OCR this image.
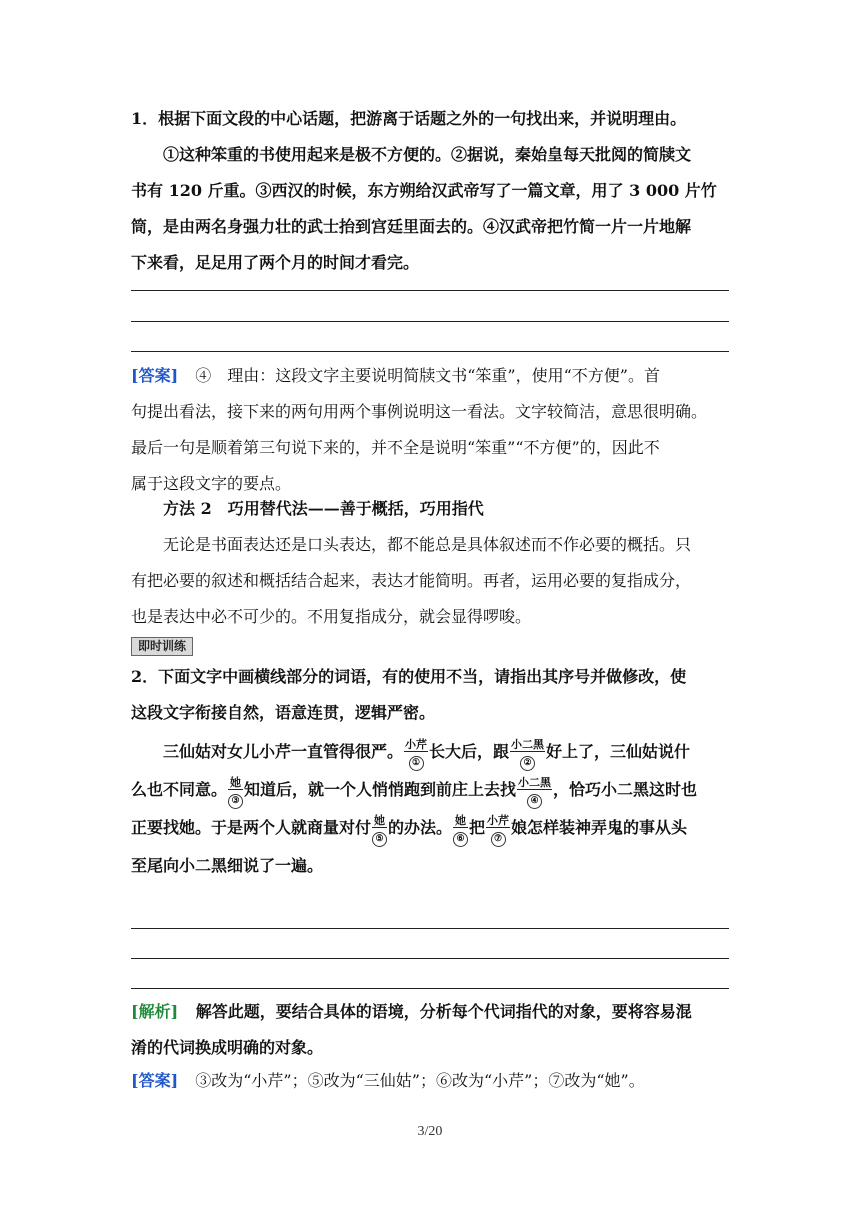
1．根据下面文段的中心话题，把游离于话题之外的一句找出来，并说明理由。
①这种笨重的书使用起来是极不方便的。②据说，秦始皇每天批阅的简牍文
书有 120 斤重。③西汉的时候，东方朔给汉武帝写了一篇文章，用了 3 000 片竹
筒，是由两名身强力壮的武士抬到宫廷里面去的。④汉武帝把竹简一片一片地解
下来看，足足用了两个月的时间才看完。
[答案] ④　理由：这段文字主要说明简牍文书“笨重”，使用“不方便”。首
句提出看法，接下来的两句用两个事例说明这一看法。文字较简洁，意思很明确。
最后一句是顺着第三句说下来的，并不全是说明“笨重”“不方便”的，因此不
属于这段文字的要点。
方法 2　巧用替代法——善于概括，巧用指代
无论是书面表达还是口头表达，都不能总是具体叙述而不作必要的概括。只
有把必要的叙述和概括结合起来，表达才能简明。再者，运用必要的复指成分，
也是表达中必不可少的。不用复指成分，就会显得啰唆。
即时训练
2．下面文字中画横线部分的词语，有的使用不当，请指出其序号并做修改，使
这段文字衔接自然，语意连贯，逻辑严密。
三仙姑对女儿小芹一直管得很严。 小芹
①长大后，跟 小二黑
②好上了，三仙姑说什
么也不同意。 她
③知道后，就一个人悄悄跑到前庄上去找 小二黑
④，恰巧小二黑这时也
正要找她。于是两个人就商量对付 她
⑤的办法。 她
⑥把 小芹
⑦娘怎样装神弄鬼的事从头
至尾向小二黑细说了一遍。
[解析] 解答此题，要结合具体的语境，分析每个代词指代的对象，要将容易混
淆的代词换成明确的对象。
[答案] ③改为“小芹”；⑤改为“三仙姑”；⑥改为“小芹”；⑦改为“她”。
3/20
